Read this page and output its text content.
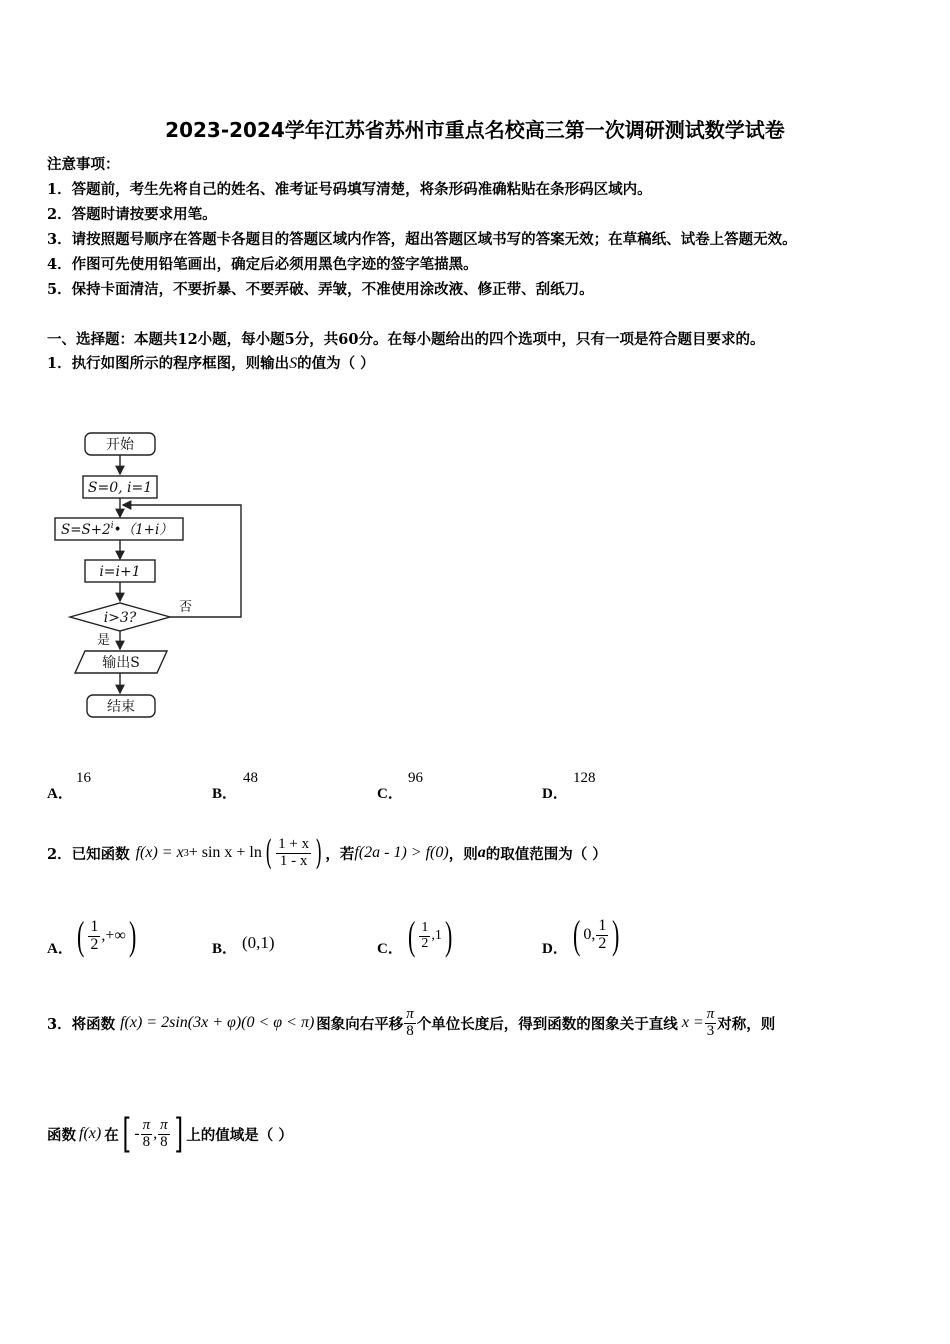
2023-2024学年江苏省苏州市重点名校高三第一次调研测试数学试卷
注意事项：
1．答题前，考生先将自己的姓名、准考证号码填写清楚，将条形码准确粘贴在条形码区域内。
2．答题时请按要求用笔。
3．请按照题号顺序在答题卡各题目的答题区域内作答，超出答题区域书写的答案无效；在草稿纸、试卷上答题无效。
4．作图可先使用铅笔画出，确定后必须用黑色字迹的签字笔描黑。
5．保持卡面清洁，不要折暴、不要弄破、弄皱，不准使用涂改液、修正带、刮纸刀。
一、选择题：本题共12小题，每小题5分，共60分。在每小题给出的四个选项中，只有一项是符合题目要求的。
1．执行如图所示的程序框图，则输出S的值为（ ）
开始
S=0, i=1
$S=S+2^i•(1+i)$
i=i+1
i>3?
否
是
输出S
结束
A．
16
B．
48
C．
96
D．
128
2．已知函数 f(x) = x 3 + sin x + ln ( $\frac{1 + x}{1 - x}$ ) ，若 f(2a - 1) > f(0) ，则 a 的取值范围为（ ）
A． ( $\frac{1}{2}$ ,+∞ )	B． (0,1)	C． ( $\frac{1}{2} ,1$ )	D． ( 0, $\frac{1}{2}$ )
3．将函数 f(x) = 2sin(3x + φ)(0 < φ < π) 图象向右平移 $\frac{\pi}{8}$ 个单位长度后，得到函数的图象关于直线 $x = \frac{\pi}{3}$ 对称，则
函数 f(x) 在 [ - $\frac{\pi}{8}$ , $\frac{\pi}{8}$ ] 上的值域是（ ）
